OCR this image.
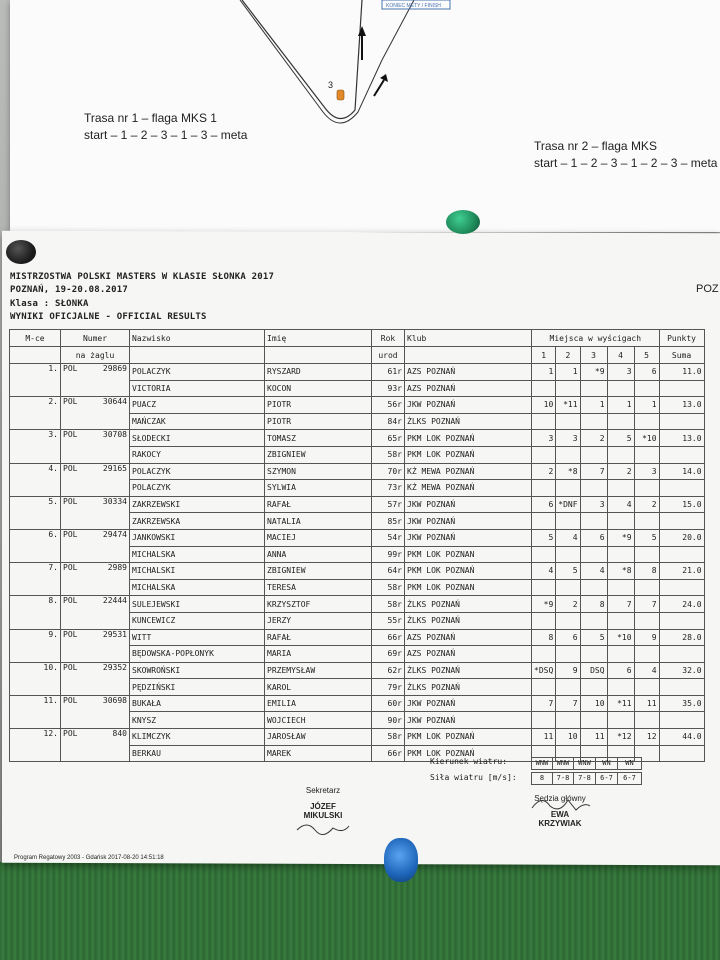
KONIEC METY / FINISH
3
Trasa nr 1 – flaga MKS 1
start – 1 – 2 – 3 – 1 – 3 – meta
Trasa nr 2 – flaga MKS
start – 1 – 2 – 3 – 1 – 2 – 3 – meta
MISTRZOSTWA POLSKI MASTERS W KLASIE SŁONKA 2017
POZNAŃ, 19-20.08.2017
Klasa : SŁONKA
WYNIKI OFICJALNE - OFFICIAL RESULTS
POZ
M-ce	Numer		Nazwisko	Imię	Rok	Klub	Miejsca w wyścigach					Punkty
	na żaglu				urod		1	2	3	4	5	Suma
1.	POL	29869	POLACZYK	RYSZARD	61r	AZS POZNAŃ	1	1	*9	3	6	11.0
			VICTORIA	KOCON	93r	AZS POZNAŃ						
2.	POL	30644	PUACZ	PIOTR	56r	JKW POZNAŃ	10	*11	1	1	1	13.0
			MAŃCZAK	PIOTR	84r	ŻLKS POZNAŃ						
3.	POL	30708	SŁODECKI	TOMASZ	65r	PKM LOK POZNAŃ	3	3	2	5	*10	13.0
			RAKOCY	ZBIGNIEW	58r	PKM LOK POZNAŃ						
4.	POL	29165	POLACZYK	SZYMON	70r	KŻ MEWA POZNAŃ	2	*8	7	2	3	14.0
			POLACZYK	SYLWIA	73r	KŻ MEWA POZNAŃ						
5.	POL	30334	ZAKRZEWSKI	RAFAŁ	57r	JKW POZNAŃ	6	*DNF	3	4	2	15.0
			ZAKRZEWSKA	NATALIA	85r	JKW POZNAŃ						
6.	POL	29474	JANKOWSKI	MACIEJ	54r	JKW POZNAŃ	5	4	6	*9	5	20.0
			MICHALSKA	ANNA	99r	PKM LOK POZNAN						
7.	POL	2989	MICHALSKI	ZBIGNIEW	64r	PKM LOK POZNAŃ	4	5	4	*8	8	21.0
			MICHALSKA	TERESA	58r	PKM LOK POZNAN						
8.	POL	22444	SULEJEWSKI	KRZYSZTOF	58r	ŻLKS POZNAŃ	*9	2	8	7	7	24.0
			KUNCEWICZ	JERZY	55r	ŻLKS POZNAŃ						
9.	POL	29531	WITT	RAFAŁ	66r	AZS POZNAŃ	8	6	5	*10	9	28.0
			BĘDOWSKA-POPŁONYK	MARIA	69r	AZS POZNAŃ						
10.	POL	29352	SKOWROŃSKI	PRZEMYSŁAW	62r	ŻLKS POZNAŃ	*DSQ	9	DSQ	6	4	32.0
			PĘDZIŃSKI	KAROL	79r	ŻLKS POZNAŃ						
11.	POL	30698	BUKAŁA	EMILIA	60r	JKW POZNAŃ	7	7	10	*11	11	35.0
			KNYSZ	WOJCIECH	90r	JKW POZNAŃ						
12.	POL	840	KLIMCZYK	JAROSŁAW	58r	PKM LOK POZNAŃ	11	10	11	*12	12	44.0
			BERKAU	MAREK	66r	PKM LOK POZNAŃ						
Kierunek wiatru:
Siła wiatru [m/s]:
WNW	WNW	WNW	WN	WN
8	7-8	7-8	6-7	6-7
Sekretarz
JÓZEF
MIKULSKI
Sędzia główny
EWA
KRZYWIAK
Program Regatowy 2003 - Gdańsk 2017-08-20 14:51:18
